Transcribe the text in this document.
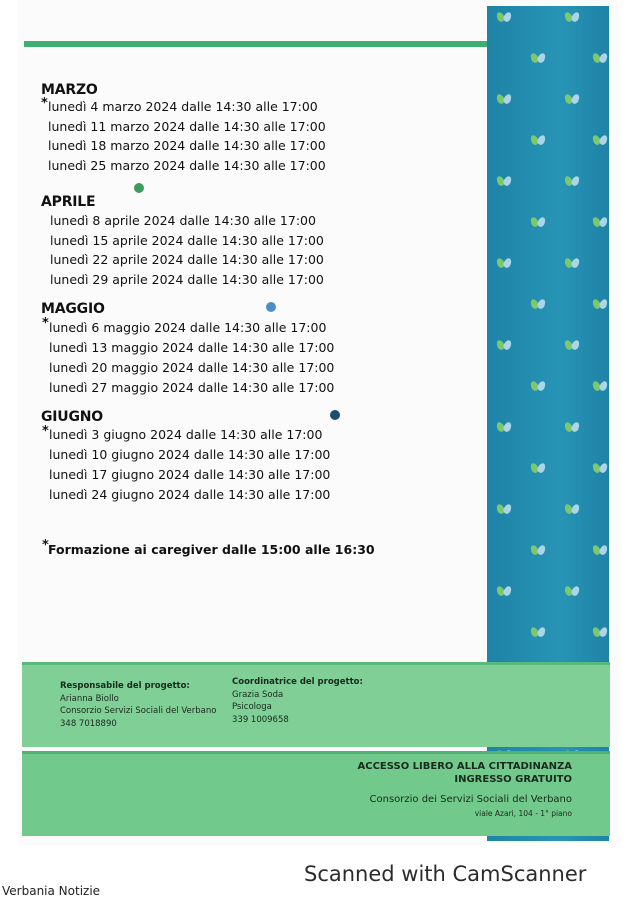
MARZO
* lunedì 4 marzo 2024 dalle 14:30 alle 17:00
lunedì 11 marzo 2024 dalle 14:30 alle 17:00
lunedì 18 marzo 2024 dalle 14:30 alle 17:00
lunedì 25 marzo 2024 dalle 14:30 alle 17:00
APRILE
lunedì 8 aprile 2024 dalle 14:30 alle 17:00
lunedì 15 aprile 2024 dalle 14:30 alle 17:00
lunedì 22 aprile 2024 dalle 14:30 alle 17:00
lunedì 29 aprile 2024 dalle 14:30 alle 17:00
MAGGIO
* lunedì 6 maggio 2024 dalle 14:30 alle 17:00
lunedì 13 maggio 2024 dalle 14:30 alle 17:00
lunedì 20 maggio 2024 dalle 14:30 alle 17:00
lunedì 27 maggio 2024 dalle 14:30 alle 17:00
GIUGNO
* lunedì 3 giugno 2024 dalle 14:30 alle 17:00
lunedì 10 giugno 2024 dalle 14:30 alle 17:00
lunedì 17 giugno 2024 dalle 14:30 alle 17:00
lunedì 24 giugno 2024 dalle 14:30 alle 17:00
* Formazione ai caregiver dalle 15:00 alle 16:30
Responsabile del progetto:
Arianna Biollo
Consorzio Servizi Sociali del Verbano
348 7018890
Coordinatrice del progetto:
Grazia Soda
Psicologa
339 1009658
ACCESSO LIBERO ALLA CITTADINANZA
INGRESSO GRATUITO
Consorzio dei Servizi Sociali del Verbano
viale Azari, 104 - 1° piano
Scanned with CamScanner
Verbania Notizie
